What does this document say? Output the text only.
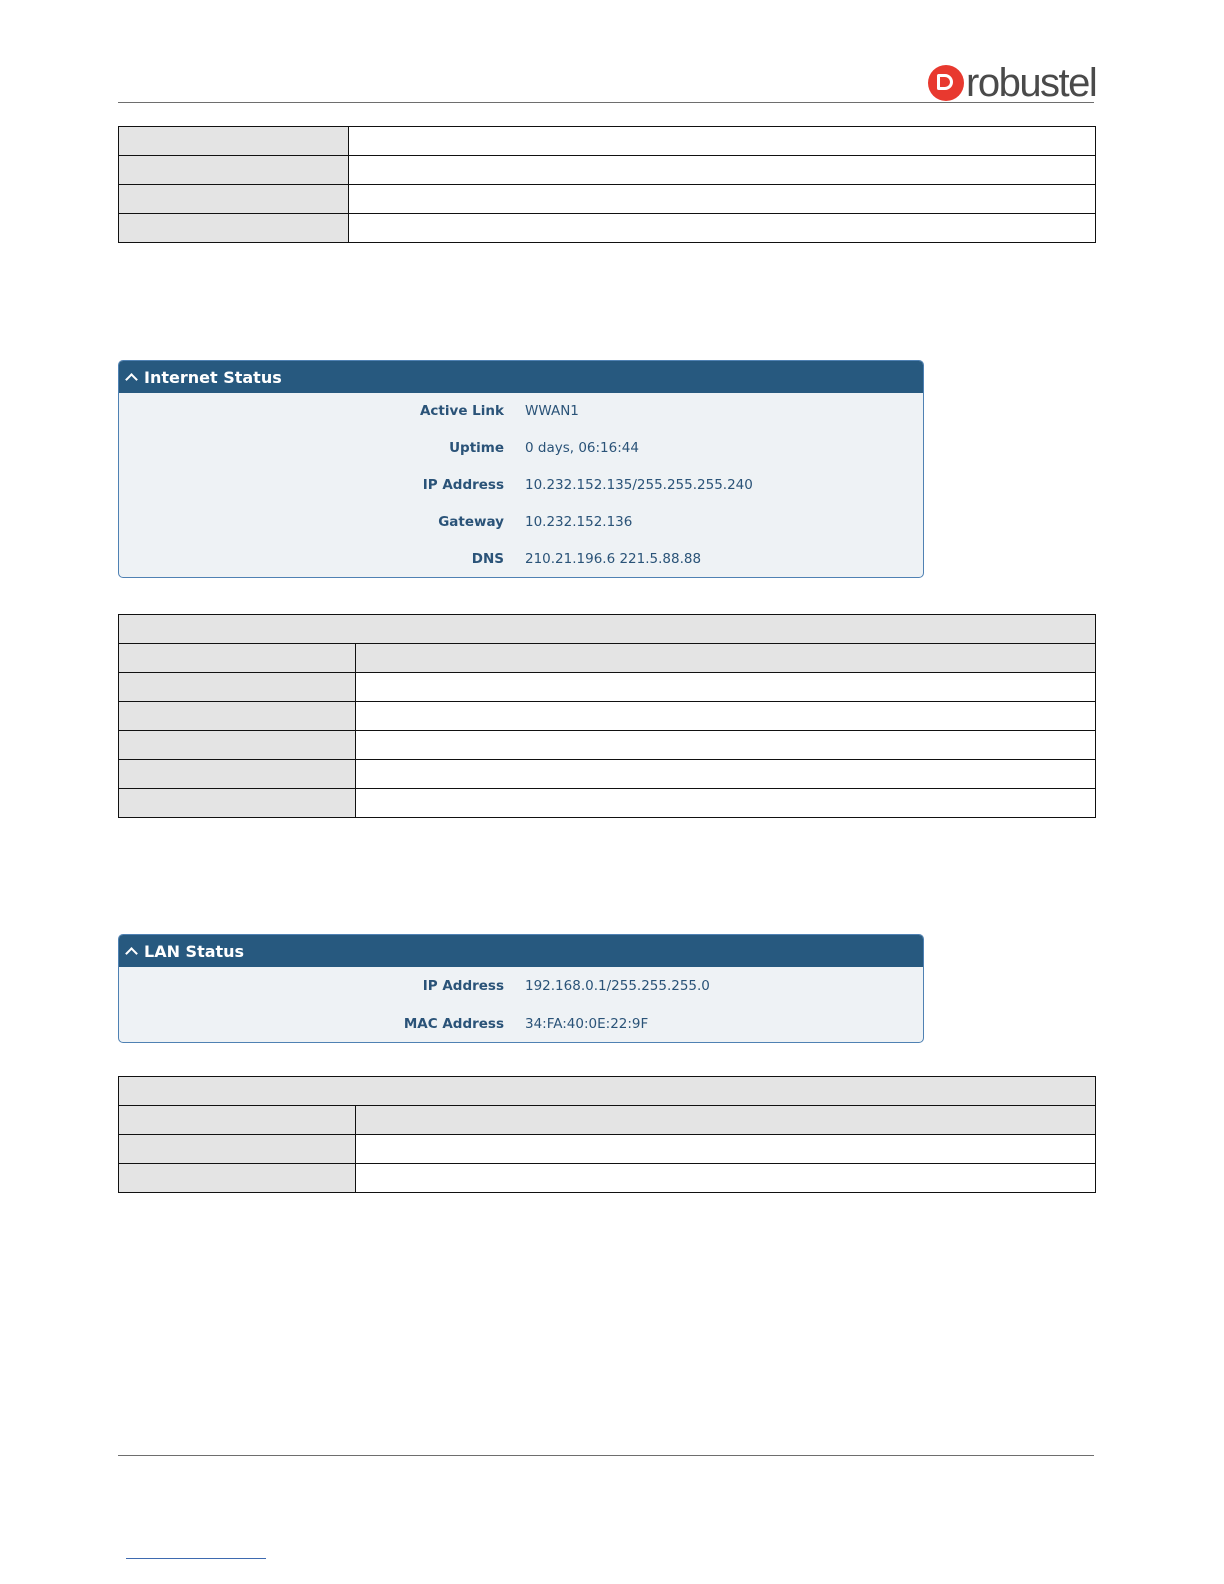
robustel

Internet Status
Active Link WWAN1
Uptime 0 days, 06:16:44
IP Address 10.232.152.135/255.255.255.240
Gateway 10.232.152.136
DNS 210.21.196.6 221.5.88.88

LAN Status
IP Address 192.168.0.1/255.255.255.0
MAC Address 34:FA:40:0E:22:9F
